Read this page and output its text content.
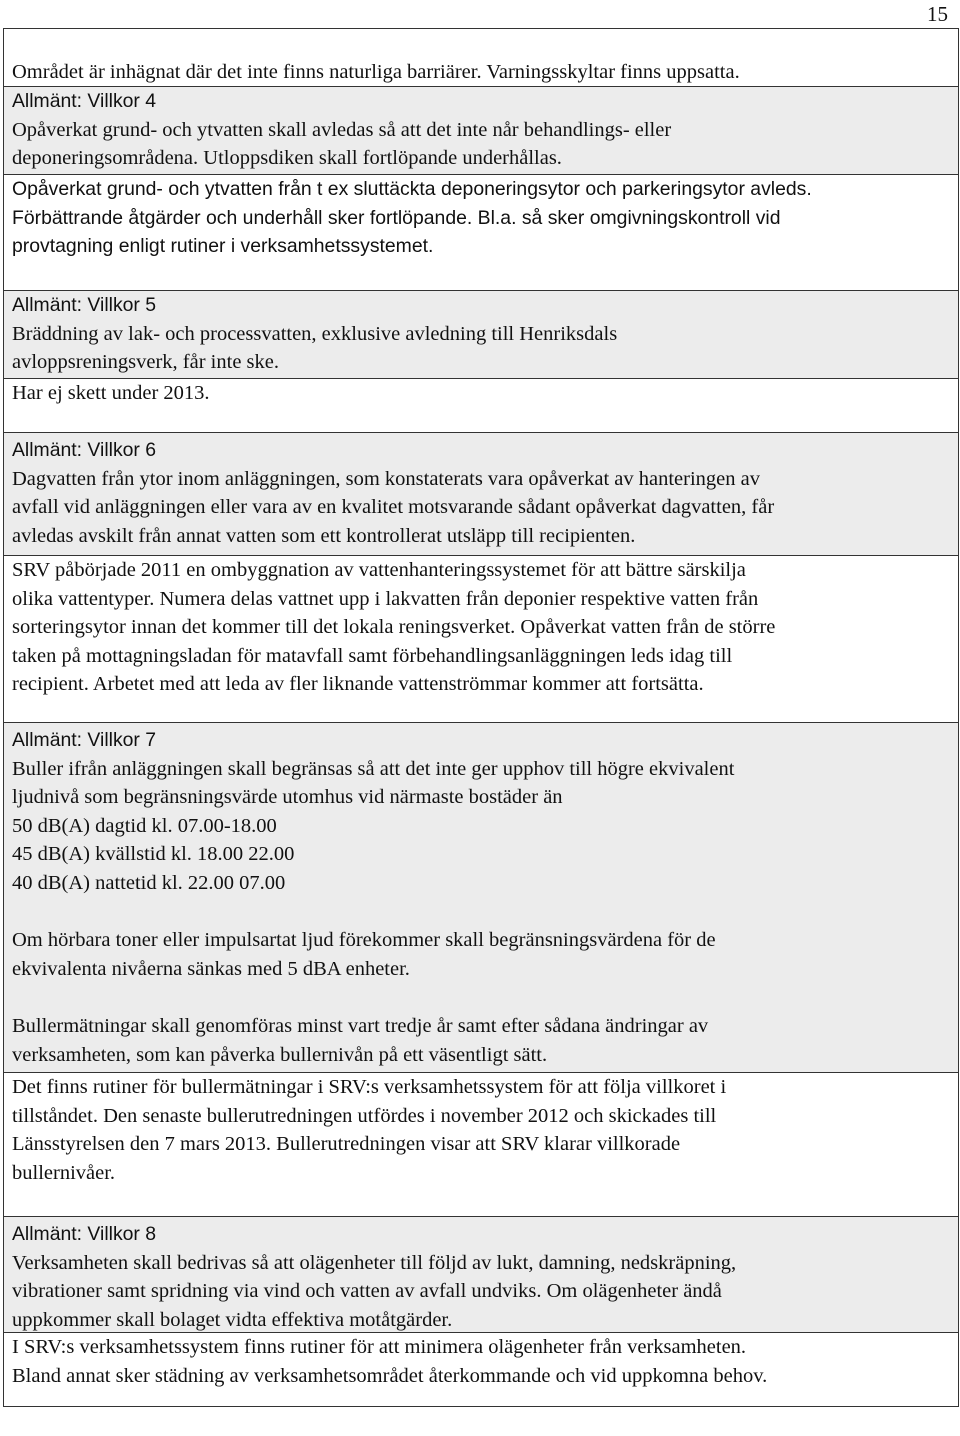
15

Området är inhägnat där det inte finns naturliga barriärer. Varningsskyltar finns uppsatta.

Allmänt: Villkor 4

Opåverkat grund- och ytvatten skall avledas så att det inte når behandlings- eller

deponeringsområdena. Utloppsdiken skall fortlöpande underhållas.

Opåverkat grund- och ytvatten från t ex sluttäckta deponeringsytor och parkeringsytor avleds.

Förbättrande åtgärder och underhåll sker fortlöpande. Bl.a. så sker omgivningskontroll vid

provtagning enligt rutiner i verksamhetssystemet.

Allmänt: Villkor 5

Bräddning av lak- och processvatten, exklusive avledning till Henriksdals

avloppsreningsverk, får inte ske.

Har ej skett under 2013.

Allmänt: Villkor 6

Dagvatten från ytor inom anläggningen, som konstaterats vara opåverkat av hanteringen av

avfall vid anläggningen eller vara av en kvalitet motsvarande sådant opåverkat dagvatten, får

avledas avskilt från annat vatten som ett kontrollerat utsläpp till recipienten.

SRV påbörjade 2011 en ombyggnation av vattenhanteringssystemet för att bättre särskilja

olika vattentyper. Numera delas vattnet upp i lakvatten från deponier respektive vatten från

sorteringsytor innan det kommer till det lokala reningsverket. Opåverkat vatten från de större

taken på mottagningsladan för matavfall samt förbehandlingsanläggningen leds idag till

recipient. Arbetet med att leda av fler liknande vattenströmmar kommer att fortsätta.

Allmänt: Villkor 7

Buller ifrån anläggningen skall begränsas så att det inte ger upphov till högre ekvivalent

ljudnivå som begränsningsvärde utomhus vid närmaste bostäder än

50 dB(A) dagtid kl. 07.00-18.00

45 dB(A) kvällstid kl. 18.00 22.00

40 dB(A) nattetid kl. 22.00 07.00

Om hörbara toner eller impulsartat ljud förekommer skall begränsningsvärdena för de

ekvivalenta nivåerna sänkas med 5 dBA enheter.

Bullermätningar skall genomföras minst vart tredje år samt efter sådana ändringar av

verksamheten, som kan påverka bullernivån på ett väsentligt sätt.

Det finns rutiner för bullermätningar i SRV:s verksamhetssystem för att följa villkoret i

tillståndet. Den senaste bullerutredningen utfördes i november 2012 och skickades till

Länsstyrelsen den 7 mars 2013. Bullerutredningen visar att SRV klarar villkorade

bullernivåer.

Allmänt: Villkor 8

Verksamheten skall bedrivas så att olägenheter till följd av lukt, damning, nedskräpning,

vibrationer samt spridning via vind och vatten av avfall undviks. Om olägenheter ändå

uppkommer skall bolaget vidta effektiva motåtgärder.

I SRV:s verksamhetssystem finns rutiner för att minimera olägenheter från verksamheten.

Bland annat sker städning av verksamhetsområdet återkommande och vid uppkomna behov.
